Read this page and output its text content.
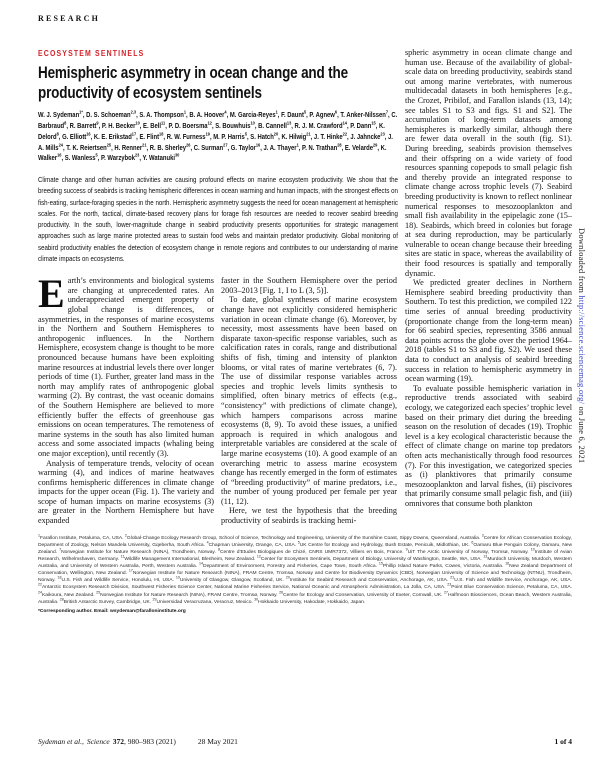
RESEARCH
ECOSYSTEM SENTINELS
Hemispheric asymmetry in ocean change and the productivity of ecosystem sentinels

W. J. Sydeman$^{1*}$, D. S. Schoeman$^{2,3}$, S. A. Thompson$^1$, B. A. Hoover$^4$, M. Garcia-Reyes$^1$, F. Daunt$^5$, P. Agnew$^6$, T. Anker-Nilssen$^7$, C. Barbraud$^8$, R. Barrett$^9$, P. H. Becker$^{10}$, E. Bell$^{11}$, P. D. Boersma$^{12}$, S. Bouwhuis$^{10}$, B. Cannell$^{13}$, R. J. M. Crawford$^{14}$, P. Dann$^{15}$, K. Delord$^8$, G. Elliott$^{16}$, K. E. Erikstad$^{17}$, E. Flint$^{18}$, R. W. Furness$^{19}$, M. P. Harris$^5$, S. Hatch$^{20}$, K. Hilwig$^{21}$, J. T. Hinke$^{22}$, J. Jahncke$^{23}$, J. A. Mills$^{24}$, T. K. Reiertsen$^{25}$, H. Renner$^{21}$, R. B. Sherley$^{26}$, C. Surman$^{27}$, G. Taylor$^{16}$, J. A. Thayer$^1$, P. N. Trathan$^{28}$, E. Velarde$^{29}$, K. Walker$^{16}$, S. Wanless$^5$, P. Warzybok$^{23}$, Y. Watanuki$^{30}$

Climate change and other human activities are causing profound effects on marine ecosystem productivity. We show that the breeding success of seabirds is tracking hemispheric differences in ocean warming and human impacts, with the strongest effects on fish-eating, surface-foraging species in the north. Hemispheric asymmetry suggests the need for ocean management at hemispheric scales. For the north, tactical, climate-based recovery plans for forage fish resources are needed to recover seabird breeding productivity. In the south, lower-magnitude change in seabird productivity presents opportunities for strategic management approaches such as large marine protected areas to sustain food webs and maintain predator productivity. Global monitoring of seabird productivity enables the detection of ecosystem change in remote regions and contributes to our understanding of marine climate impacts on ecosystems.

Earth’s environments and biological systems are changing at unprecedented rates. An underappreciated emergent property of global change is differences, or asymmetries, in the responses of marine ecosystems in the Northern and Southern Hemispheres to anthropogenic influences. In the Northern Hemisphere, ecosystem change is thought to be more pronounced because humans have been exploiting marine resources at industrial levels there over longer periods of time (1). Further, greater land mass in the north may amplify rates of anthropogenic global warming (2). By contrast, the vast oceanic domains of the Southern Hemisphere are believed to more efficiently buffer the effects of greenhouse gas emissions on ocean temperatures. The remoteness of marine systems in the south has also limited human access and some associated impacts (whaling being one major exception), until recently (3).

Analysis of temperature trends, velocity of ocean warming (4), and indices of marine heatwaves confirms hemispheric differences in climate change impacts for the upper ocean (Fig. 1). The variety and scope of human impacts on marine ecosystems (3) are greater in the Northern Hemisphere but have expanded

faster in the Southern Hemisphere over the period 2003–2013 [Fig. 1, I to L (3, 5)].

To date, global syntheses of marine ecosystem change have not explicitly considered hemispheric variation in ocean climate change (6). Moreover, by necessity, most assessments have been based on disparate taxon-specific response variables, such as calcification rates in corals, range and distributional shifts of fish, timing and intensity of plankton blooms, or vital rates of marine vertebrates (6, 7). The use of dissimilar response variables across species and trophic levels limits synthesis to simplified, often binary metrics of effects (e.g., “consistency” with predictions of climate change), which hampers comparisons across marine ecosystems (8, 9). To avoid these issues, a unified approach is required in which analogous and interpretable variables are considered at the scale of large marine ecosystems (10). A good example of an overarching metric to assess marine ecosystem change has recently emerged in the form of estimates of “breeding productivity” of marine predators, i.e., the number of young produced per female per year (11, 12).

Here, we test the hypothesis that the breeding productivity of seabirds is tracking hemi-

spheric asymmetry in ocean climate change and human use. Because of the availability of global-scale data on breeding productivity, seabirds stand out among marine vertebrates, with numerous multidecadal datasets in both hemispheres [e.g., the Crozet, Pribilof, and Farallon islands (13, 14); see tables S1 to S3 and figs. S1 and S2]. The accumulation of long-term datasets among hemispheres is markedly similar, although there are fewer data overall in the south (fig. S1). During breeding, seabirds provision themselves and their offspring on a wide variety of food resources spanning copepods to small pelagic fish and thereby provide an integrated response to climate change across trophic levels (7). Seabird breeding productivity is known to reflect nonlinear numerical responses to mesozooplankton and small fish availability in the epipelagic zone (15–18). Seabirds, which breed in colonies but forage at sea during reproduction, may be particularly vulnerable to ocean change because their breeding sites are static in space, whereas the availability of their food resources is spatially and temporally dynamic.

We predicted greater declines in Northern Hemisphere seabird breeding productivity than Southern. To test this prediction, we compiled 122 time series of annual breeding productivity (proportionate change from the long-term mean) for 66 seabird species, representing 3586 annual data points across the globe over the period 1964–2018 (tables S1 to S3 and fig. S2). We used these data to conduct an analysis of seabird breeding success in relation to hemispheric asymmetry in ocean warming (19).

To evaluate possible hemispheric variation in reproductive trends associated with seabird ecology, we categorized each species’ trophic level based on their primary diet during the breeding season on the resolution of decades (19). Trophic level is a key ecological characteristic because the effect of climate change on marine top predators often acts mechanistically through food resources (7). For this investigation, we categorized species as (i) planktivores that primarily consume mesozooplankton and larval fishes, (ii) piscivores that primarily consume small pelagic fish, and (iii) omnivores that consume both plankton

$^1$Farallon Institute, Petaluma, CA, USA. $^2$Global-Change Ecology Research Group, School of Science, Technology and Engineering, University of the Sunshine Coast, Sippy Downs, Queensland, Australia. $^3$Centre for African Conservation Ecology, Department of Zoology, Nelson Mandela University, Gqeberha, South Africa. $^4$Chapman University, Orange, CA, USA. $^5$UK Centre for Ecology and Hydrology, Bush Estate, Penicuik, Midlothian, UK. $^6$Oamaru Blue Penguin Colony, Oamaru, New Zealand. $^7$Norwegian Institute for Nature Research (NINA), Trondheim, Norway. $^8$Centre d’Etudes Biologiques de Chizé, CNRS UMR7372, Villiers en Bois, France. $^9$UiT The Arctic University of Norway, Tromsø, Norway. $^{10}$Institute of Avian Research, Wilhelmshaven, Germany. $^{11}$Wildlife Management International, Blenheim, New Zealand. $^{12}$Center for Ecosystem Sentinels, Department of Biology, University of Washington, Seattle, WA, USA. $^{13}$Murdoch University, Murdoch, Western Australia, and University of Western Australia, Perth, Western Australia. $^{14}$Department of Environment, Forestry and Fisheries, Cape Town, South Africa. $^{15}$Phillip Island Nature Parks, Cowes, Victoria, Australia. $^{16}$New Zealand Department of Conservation, Wellington, New Zealand. $^{17}$Norwegian Institute for Nature Research (NINA), FRAM Centre, Tromsø, Norway and Centre for Biodiversity Dynamics (CBD), Norwegian University of Science and Technology (NTNU), Trondheim, Norway. $^{18}$U.S. Fish and Wildlife Service, Honolulu, HI, USA. $^{19}$University of Glasgow, Glasgow, Scotland, UK. $^{20}$Institute for Seabird Research and Conservation, Anchorage, AK, USA. $^{21}$U.S. Fish and Wildlife Service, Anchorage, AK, USA. $^{22}$Antarctic Ecosystem Research Division, Southwest Fisheries Science Center, National Marine Fisheries Service, National Oceanic and Atmospheric Administration, La Jolla, CA, USA. $^{23}$Point Blue Conservation Science, Petaluma, CA, USA. $^{24}$Kaikoura, New Zealand. $^{25}$Norwegian Institute for Nature Research (NINA), FRAM Centre, Tromsø, Norway. $^{26}$Centre for Ecology and Conservation, University of Exeter, Cornwall, UK. $^{27}$Halfmoon Biosciences, Ocean Beach, Western Australia, Australia. $^{28}$British Antarctic Survey, Cambridge, UK. $^{29}$Universidad Veracruzana, Veracruz, Mexico. $^{30}$Hokkaido University, Hakodate, Hokkaido, Japan.

*Corresponding author. Email: wsydeman@faralloninstitute.org

Sydeman et al., Science 372, 980–983 (2021)	28 May 2021	1 of 4
Downloaded from http://science.sciencemag.org/ on June 6, 2021
